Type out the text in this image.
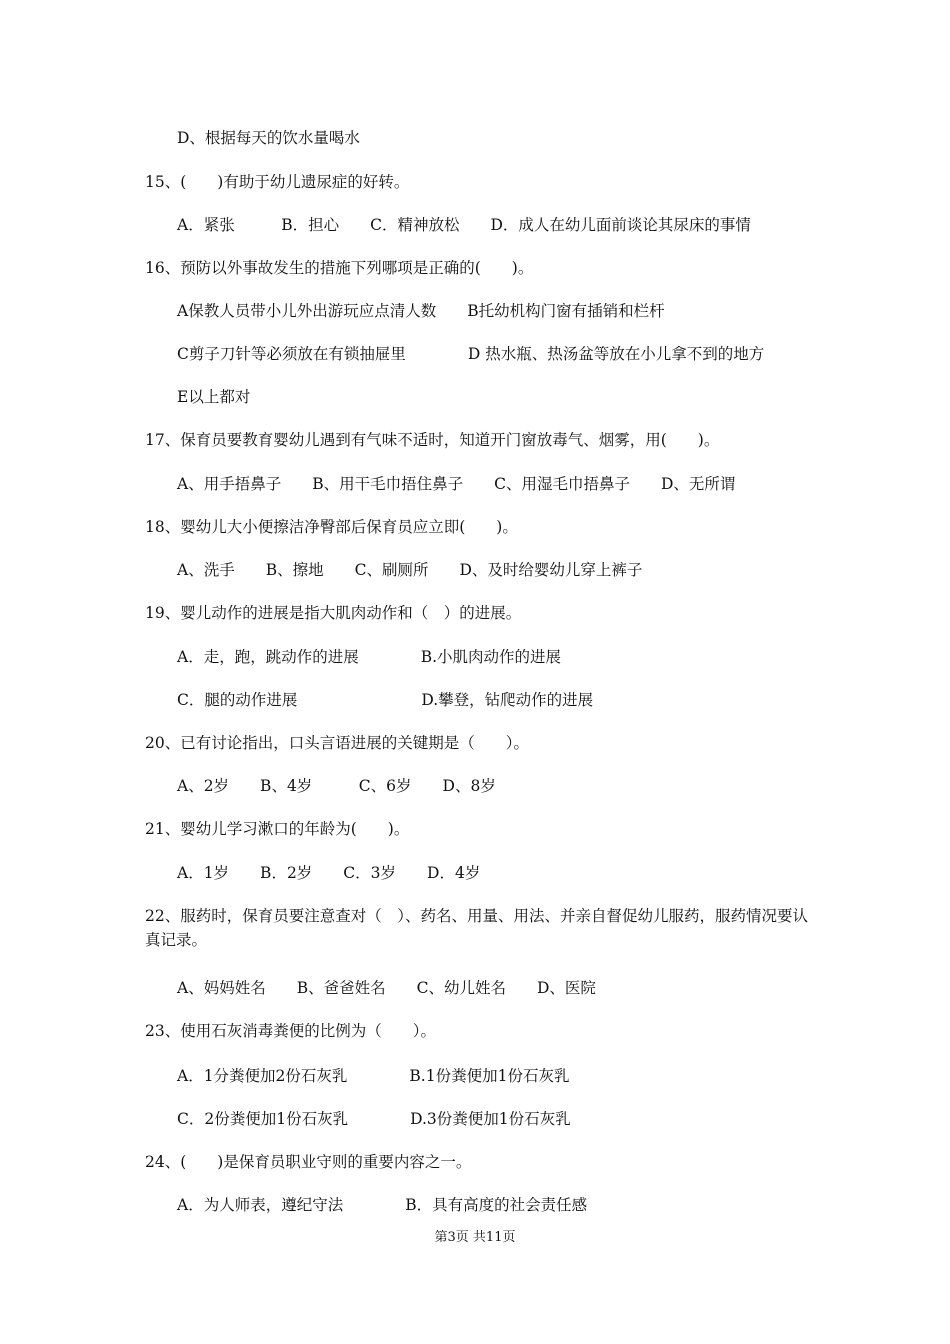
D、根据每天的饮水量喝水
15、(　　)有助于幼儿遗尿症的好转。
A．紧张　　　B．担心　　C．精神放松　　D．成人在幼儿面前谈论其尿床的事情
16、预防以外事故发生的措施下列哪项是正确的(　　)。
A保教人员带小儿外出游玩应点清人数　　B托幼机构门窗有插销和栏杆
C剪子刀针等必须放在有锁抽屉里　　　　D 热水瓶、热汤盆等放在小儿拿不到的地方
E以上都对
17、保育员要教育婴幼儿遇到有气味不适时，知道开门窗放毒气、烟雾，用(　　)。
A、用手捂鼻子　　B、用干毛巾捂住鼻子　　C、用湿毛巾捂鼻子　　D、无所谓
18、婴幼儿大小便擦洁净臀部后保育员应立即(　　)。
A、洗手　　B、擦地　　C、刷厕所　　D、及时给婴幼儿穿上裤子
19、婴儿动作的进展是指大肌肉动作和（　）的进展。
A．走，跑，跳动作的进展　　　　B.小肌肉动作的进展
C．腿的动作进展　　　　　　　　D.攀登，钻爬动作的进展
20、已有讨论指出，口头言语进展的关键期是（　　）。
A、2岁　　B、4岁　　　C、6岁　　D、8岁
21、婴幼儿学习漱口的年龄为(　　)。
A．1岁　　B．2岁　　C．3岁　　D．4岁
22、服药时，保育员要注意查对（　）、药名、用量、用法、并亲自督促幼儿服药，服药情况要认真记录。
A、妈妈姓名　　B、爸爸姓名　　C、幼儿姓名　　D、医院
23、使用石灰消毒粪便的比例为（　　）。
A．1分粪便加2份石灰乳　　　　B.1份粪便加1份石灰乳
C．2份粪便加1份石灰乳　　　　D.3份粪便加1份石灰乳
24、(　　)是保育员职业守则的重要内容之一。
A．为人师表，遵纪守法　　　　B．具有高度的社会责任感
第3页 共11页
